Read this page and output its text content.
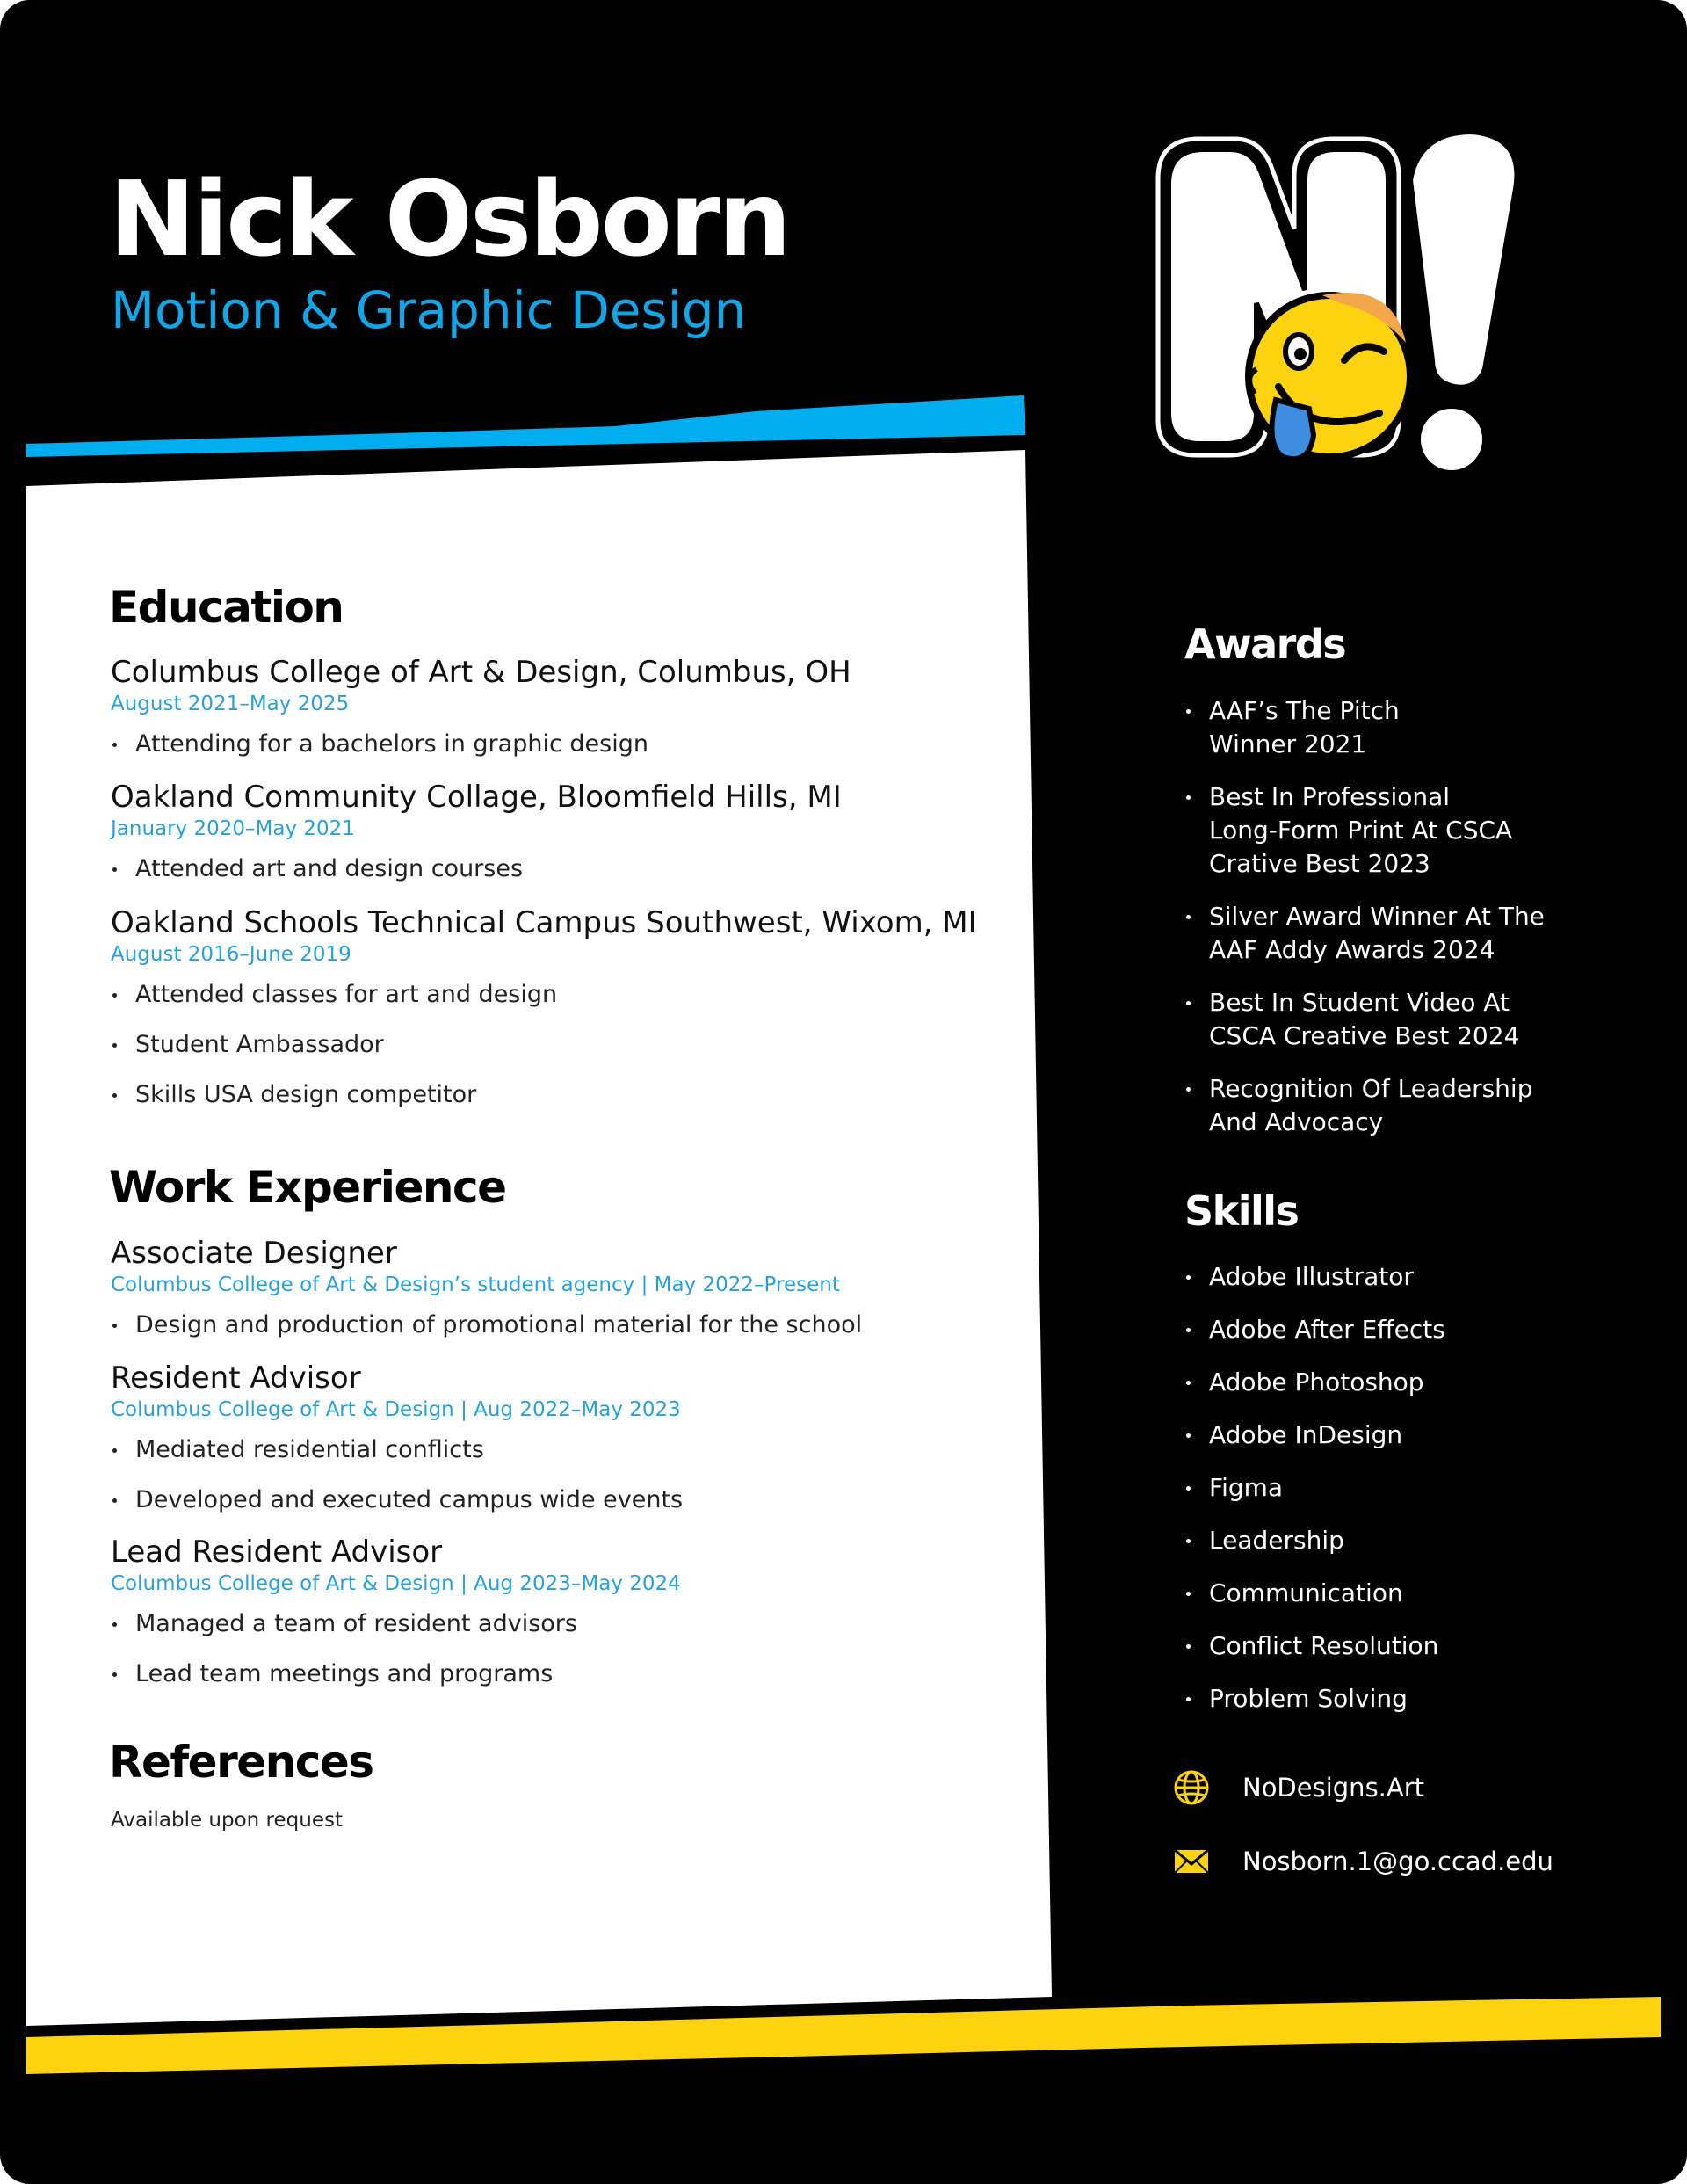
Nick Osborn
Motion & Graphic Design
Education
Columbus College of Art & Design, Columbus, OH
August 2021–May 2025
Attending for a bachelors in graphic design
Oakland Community Collage, Bloomfield Hills, MI
January 2020–May 2021
Attended art and design courses
Oakland Schools Technical Campus Southwest, Wixom, MI
August 2016–June 2019
Attended classes for art and design
Student Ambassador
Skills USA design competitor
Work Experience
Associate Designer
Columbus College of Art & Design’s student agency | May 2022–Present
Design and production of promotional material for the school
Resident Advisor
Columbus College of Art & Design | Aug 2022–May 2023
Mediated residential conflicts
Developed and executed campus wide events
Lead Resident Advisor
Columbus College of Art & Design | Aug 2023–May 2024
Managed a team of resident advisors
Lead team meetings and programs
References
Available upon request
Awards
AAF’s The Pitch
Winner 2021
Best In Professional
Long-Form Print At CSCA
Crative Best 2023
Silver Award Winner At The
AAF Addy Awards 2024
Best In Student Video At
CSCA Creative Best 2024
Recognition Of Leadership
And Advocacy
Skills
Adobe Illustrator
Adobe After Effects
Adobe Photoshop
Adobe InDesign
Figma
Leadership
Communication
Conflict Resolution
Problem Solving
NoDesigns.Art
Nosborn.1@go.ccad.edu
